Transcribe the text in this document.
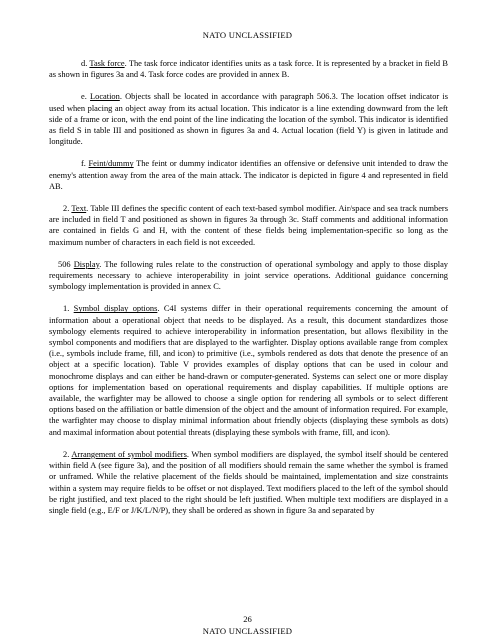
NATO UNCLASSIFIED

d. Task force. The task force indicator identifies units as a task force. It is represented by a bracket in field B as shown in figures 3a and 4. Task force codes are provided in annex B.

e. Location. Objects shall be located in accordance with paragraph 506.3. The location offset indicator is used when placing an object away from its actual location. This indicator is a line extending downward from the left side of a frame or icon, with the end point of the line indicating the location of the symbol. This indicator is identified as field S in table III and positioned as shown in figures 3a and 4. Actual location (field Y) is given in latitude and longitude.

f. Feint/dummy The feint or dummy indicator identifies an offensive or defensive unit intended to draw the enemy's attention away from the area of the main attack. The indicator is depicted in figure 4 and represented in field AB.

2. Text. Table III defines the specific content of each text-based symbol modifier. Air/space and sea track numbers are included in field T and positioned as shown in figures 3a through 3c. Staff comments and additional information are contained in fields G and H, with the content of these fields being implementation-specific so long as the maximum number of characters in each field is not exceeded.

506 Display. The following rules relate to the construction of operational symbology and apply to those display requirements necessary to achieve interoperability in joint service operations. Additional guidance concerning symbology implementation is provided in annex C.

1. Symbol display options. C4I systems differ in their operational requirements concerning the amount of information about a operational object that needs to be displayed. As a result, this document standardizes those symbology elements required to achieve interoperability in information presentation, but allows flexibility in the symbol components and modifiers that are displayed to the warfighter. Display options available range from complex (i.e., symbols include frame, fill, and icon) to primitive (i.e., symbols rendered as dots that denote the presence of an object at a specific location). Table V provides examples of display options that can be used in colour and monochrome displays and can either be hand-drawn or computer-generated. Systems can select one or more display options for implementation based on operational requirements and display capabilities. If multiple options are available, the warfighter may be allowed to choose a single option for rendering all symbols or to select different options based on the affiliation or battle dimension of the object and the amount of information required. For example, the warfighter may choose to display minimal information about friendly objects (displaying these symbols as dots) and maximal information about potential threats (displaying these symbols with frame, fill, and icon).

2. Arrangement of symbol modifiers. When symbol modifiers are displayed, the symbol itself should be centered within field A (see figure 3a), and the position of all modifiers should remain the same whether the symbol is framed or unframed. While the relative placement of the fields should be maintained, implementation and size constraints within a system may require fields to be offset or not displayed. Text modifiers placed to the left of the symbol should be right justified, and text placed to the right should be left justified. When multiple text modifiers are displayed in a single field (e.g., E/F or J/K/L/N/P), they shall be ordered as shown in figure 3a and separated by

26
NATO UNCLASSIFIED
